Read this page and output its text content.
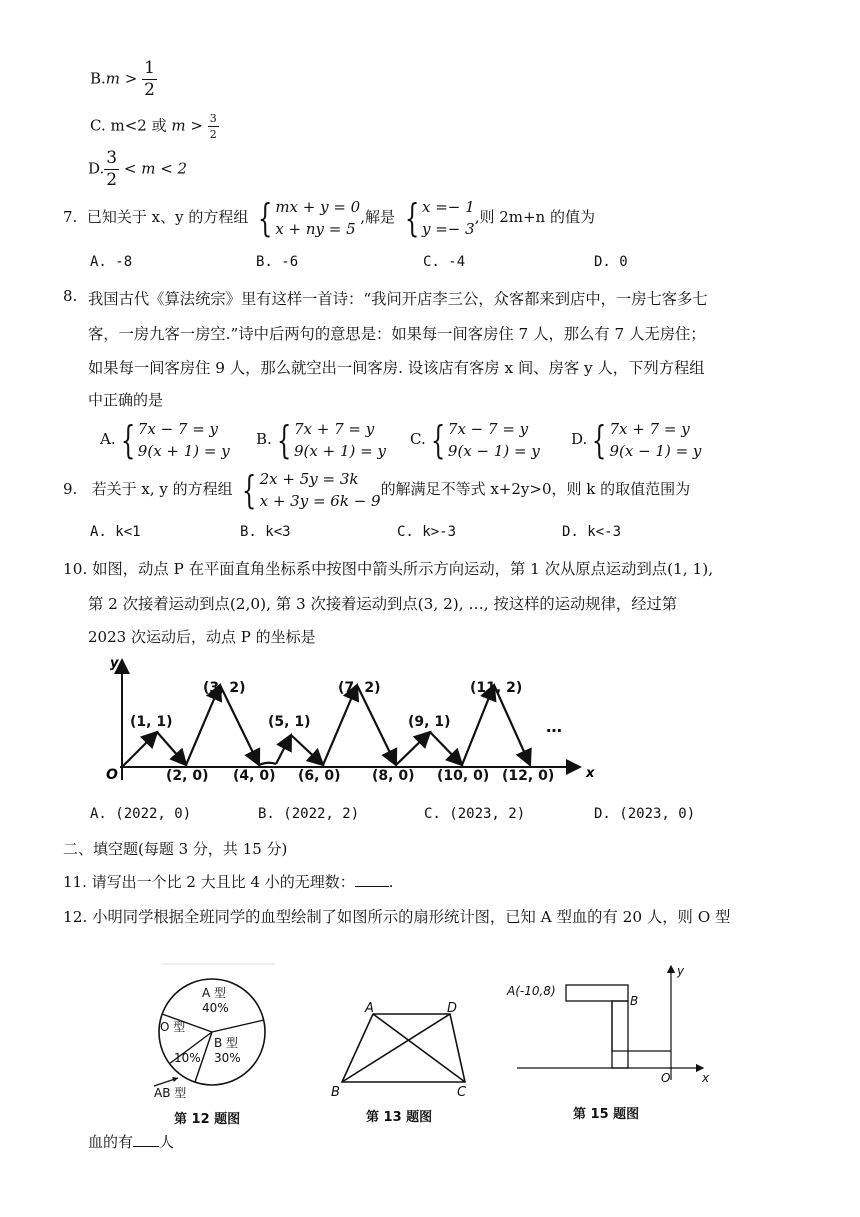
$B.m > \frac{1}{2}$
C. m<2 或 $m > \frac{3}{2}$
D. $\frac{3}{2} < m < 2$
7. 已知关于 x、y 的方程组 { mx + y = 0
x + ny = 5
,解是 { x =− 1
y =− 3
,则 2m+n 的值为
A. -8	B. -6	C. -4	D. 0
8. 我国古代《算法统宗》里有这样一首诗：“我问开店李三公，众客都来到店中，一房七客多七
客，一房九客一房空.”诗中后两句的意思是：如果每一间客房住 7 人，那么有 7 人无房住；
如果每一间客房住 9 人，那么就空出一间客房. 设该店有客房 x 间、房客 y 人，下列方程组
中正确的是
A. { 7x − 7 = y
9(x + 1) = y
B. { 7x + 7 = y
9(x + 1) = y
C. { 7x − 7 = y
9(x − 1) = y
D. { 7x + 7 = y
9(x − 1) = y
9. 若关于 x, y 的方程组 { 2x + 5y = 3k
x + 3y = 6k − 9
的解满足不等式 x+2y>0，则 k 的取值范围为
A. k<1	B. k<3	C. k>-3	D. k<-3
10. 如图，动点 P 在平面直角坐标系中按图中箭头所示方向运动，第 1 次从原点运动到点(1, 1),
第 2 次接着运动到点(2,0), 第 3 次接着运动到点(3, 2), …, 按这样的运动规律，经过第
2023 次运动后，动点 P 的坐标是
y
x
O
(1, 1)
(3, 2)
(5, 1)
(7, 2)
(9, 1)
(11, 2)
(2, 0) (4, 0) (6, 0) (8, 0) (10, 0) (12, 0)
…
A. (2022, 0)	B. (2022, 2)	C. (2023, 2)	D. (2023, 0)
二、填空题(每题 3 分，共 15 分)
11. 请写出一个比 2 大且比 4 小的无理数： .
12. 小明同学根据全班同学的血型绘制了如图所示的扇形统计图，已知 A 型血的有 20 人，则 O 型
A 型
40%
O 型
B 型
30%
10%
AB 型
第 12 题图
A	D
B	C
第 13 题图
A(-10,8)
B
O	x
y
第 15 题图
血的有 人
